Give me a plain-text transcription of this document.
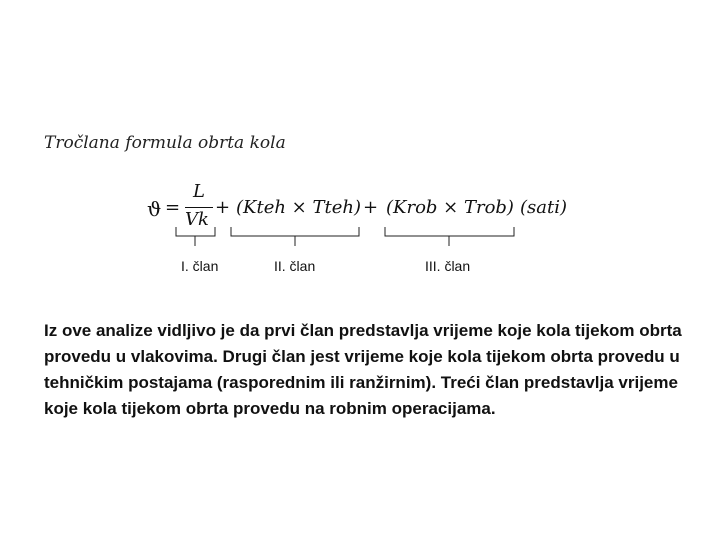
Tročlana formula obrta kola
ϑ =
L
Vk
+ (Kteh × Tteh) + (Krob × Trob) (sati)
I. član	II. član	III. član
Iz ove analize vidljivo je da prvi član predstavlja vrijeme koje kola tijekom obrta provedu u vlakovima. Drugi član jest vrijeme koje kola tijekom obrta provedu u tehničkim postajama (rasporednim ili ranžirnim). Treći član predstavlja vrijeme koje kola tijekom obrta provedu na robnim operacijama.
